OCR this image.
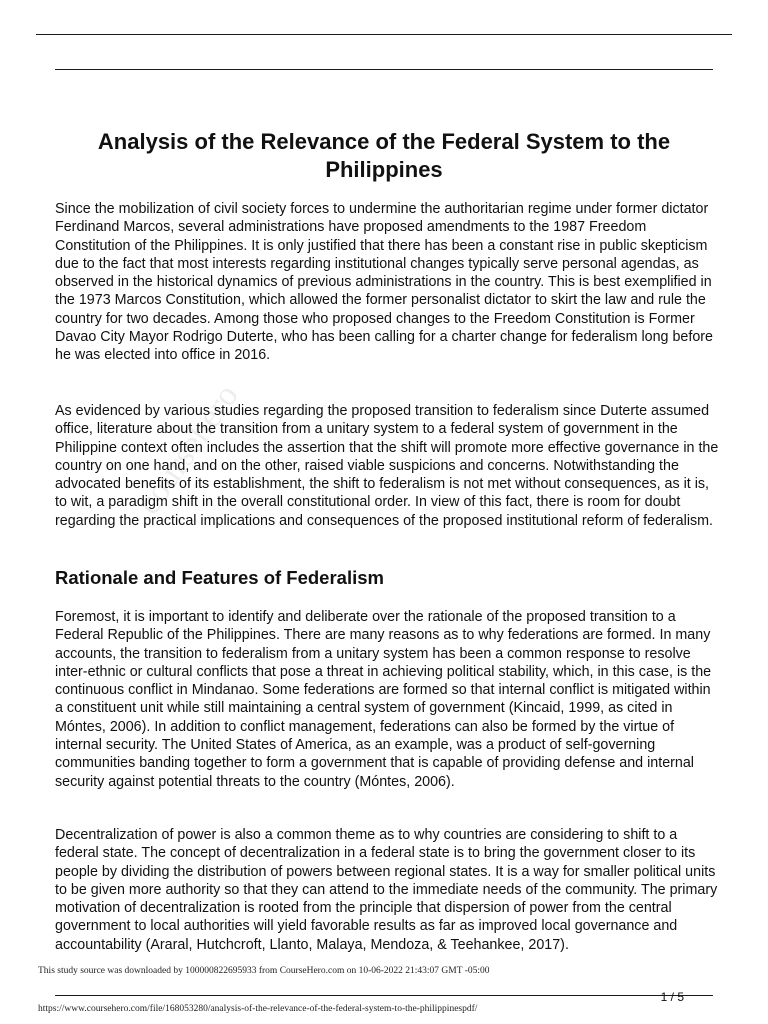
coursehero
Analysis of the Relevance of the Federal System to the Philippines

Since the mobilization of civil society forces to undermine the authoritarian regime under former dictator Ferdinand Marcos, several administrations have proposed amendments to the 1987 Freedom Constitution of the Philippines. It is only justified that there has been a constant rise in public skepticism due to the fact that most interests regarding institutional changes typically serve personal agendas, as observed in the historical dynamics of previous administrations in the country. This is best exemplified in the 1973 Marcos Constitution, which allowed the former personalist dictator to skirt the law and rule the country for two decades. Among those who proposed changes to the Freedom Constitution is Former Davao City Mayor Rodrigo Duterte, who has been calling for a charter change for federalism long before he was elected into office in 2016.

As evidenced by various studies regarding the proposed transition to federalism since Duterte assumed office, literature about the transition from a unitary system to a federal system of government in the Philippine context often includes the assertion that the shift will promote more effective governance in the country on one hand, and on the other, raised viable suspicions and concerns. Notwithstanding the advocated benefits of its establishment, the shift to federalism is not met without consequences, as it is, to wit, a paradigm shift in the overall constitutional order. In view of this fact, there is room for doubt regarding the practical implications and consequences of the proposed institutional reform of federalism.

Rationale and Features of Federalism

Foremost, it is important to identify and deliberate over the rationale of the proposed transition to a Federal Republic of the Philippines. There are many reasons as to why federations are formed. In many accounts, the transition to federalism from a unitary system has been a common response to resolve inter-ethnic or cultural conflicts that pose a threat in achieving political stability, which, in this case, is the continuous conflict in Mindanao. Some federations are formed so that internal conflict is mitigated within a constituent unit while still maintaining a central system of government (Kincaid, 1999, as cited in Móntes, 2006). In addition to conflict management, federations can also be formed by the virtue of internal security. The United States of America, as an example, was a product of self-governing communities banding together to form a government that is capable of providing defense and internal security against potential threats to the country (Móntes, 2006).

Decentralization of power is also a common theme as to why countries are considering to shift to a federal state. The concept of decentralization in a federal state is to bring the government closer to its people by dividing the distribution of powers between regional states. It is a way for smaller political units to be given more authority so that they can attend to the immediate needs of the community. The primary motivation of decentralization is rooted from the principle that dispersion of power from the central government to local authorities will yield favorable results as far as improved local governance and accountability (Araral, Hutchcroft, Llanto, Malaya, Mendoza, & Teehankee, 2017).

This study source was downloaded by 100000822695933 from CourseHero.com on 10-06-2022 21:43:07 GMT -05:00

1 / 5

https://www.coursehero.com/file/168053280/analysis-of-the-relevance-of-the-federal-system-to-the-philippinespdf/
